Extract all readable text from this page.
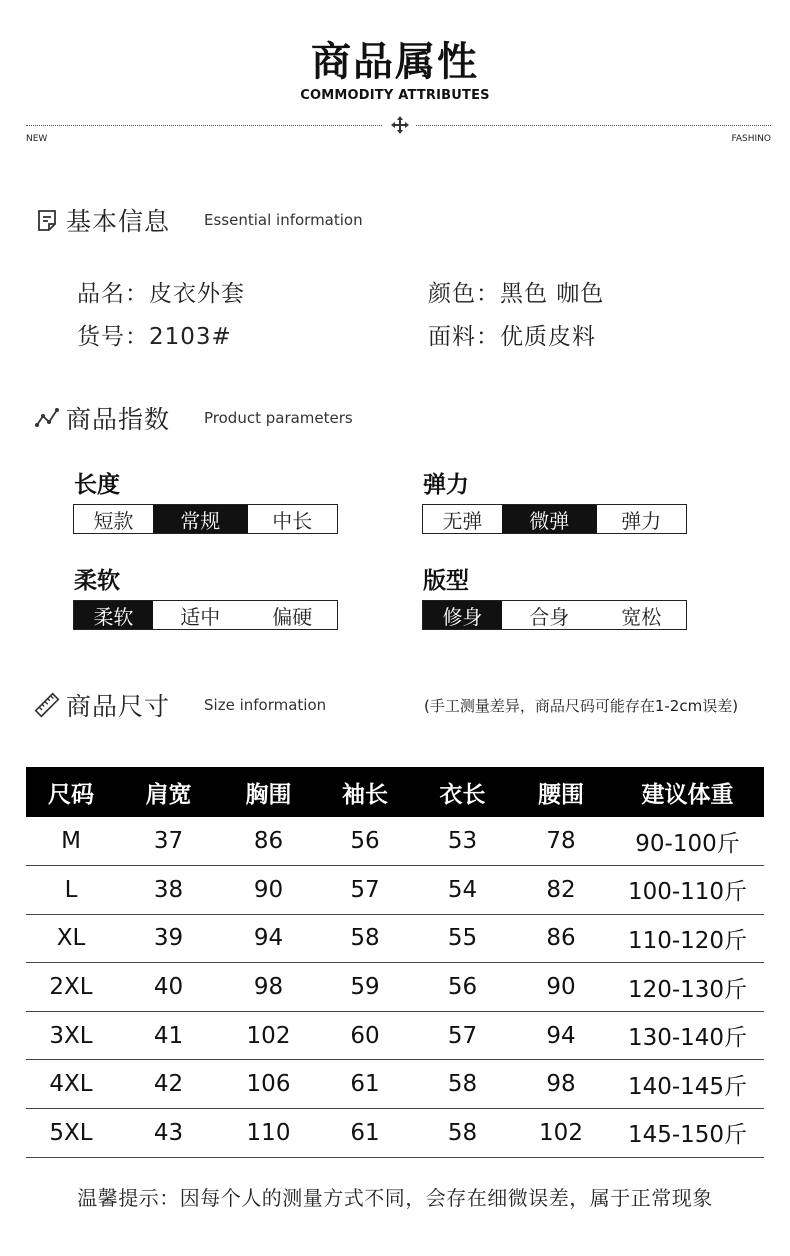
商品属性
COMMODITY ATTRIBUTES
NEW	FASHINO
基本信息 Essential information
品名：皮衣外套	颜色：黑色 咖色
货号：2103#	面料：优质皮料
商品指数 Product parameters
长度
短款	常规	中长
弹力
无弹	微弹	弹力
柔软
柔软	适中	偏硬
版型
修身	合身	宽松
商品尺寸 Size information	(手工测量差异，商品尺码可能存在1-2cm误差)
尺码	肩宽	胸围	袖长	衣长	腰围	建议体重
M	37	86	56	53	78	90-100斤
L	38	90	57	54	82	100-110斤
XL	39	94	58	55	86	110-120斤
2XL	40	98	59	56	90	120-130斤
3XL	41	102	60	57	94	130-140斤
4XL	42	106	61	58	98	140-145斤
5XL	43	110	61	58	102	145-150斤
温馨提示：因每个人的测量方式不同，会存在细微误差，属于正常现象
